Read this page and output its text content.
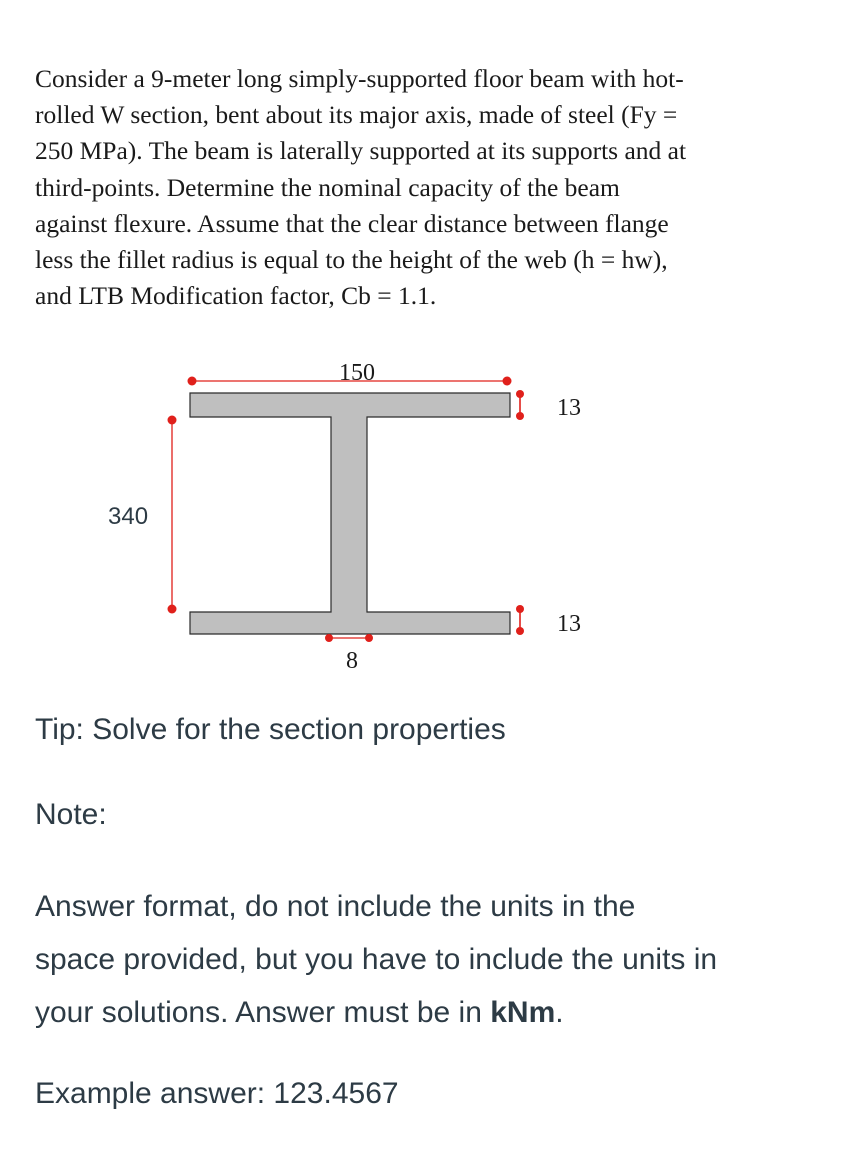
Consider a 9-meter long simply-supported floor beam with hot-
rolled W section, bent about its major axis, made of steel (Fy =
250 MPa). The beam is laterally supported at its supports and at
third-points. Determine the nominal capacity of the beam
against flexure. Assume that the clear distance between flange
less the fillet radius is equal to the height of the web (h = hw),
and LTB Modification factor, Cb = 1.1.
150
340
13
13
8
Tip: Solve for the section properties
Note:
Answer format, do not include the units in the
space provided, but you have to include the units in
your solutions. Answer must be in kNm.
Example answer: 123.4567
